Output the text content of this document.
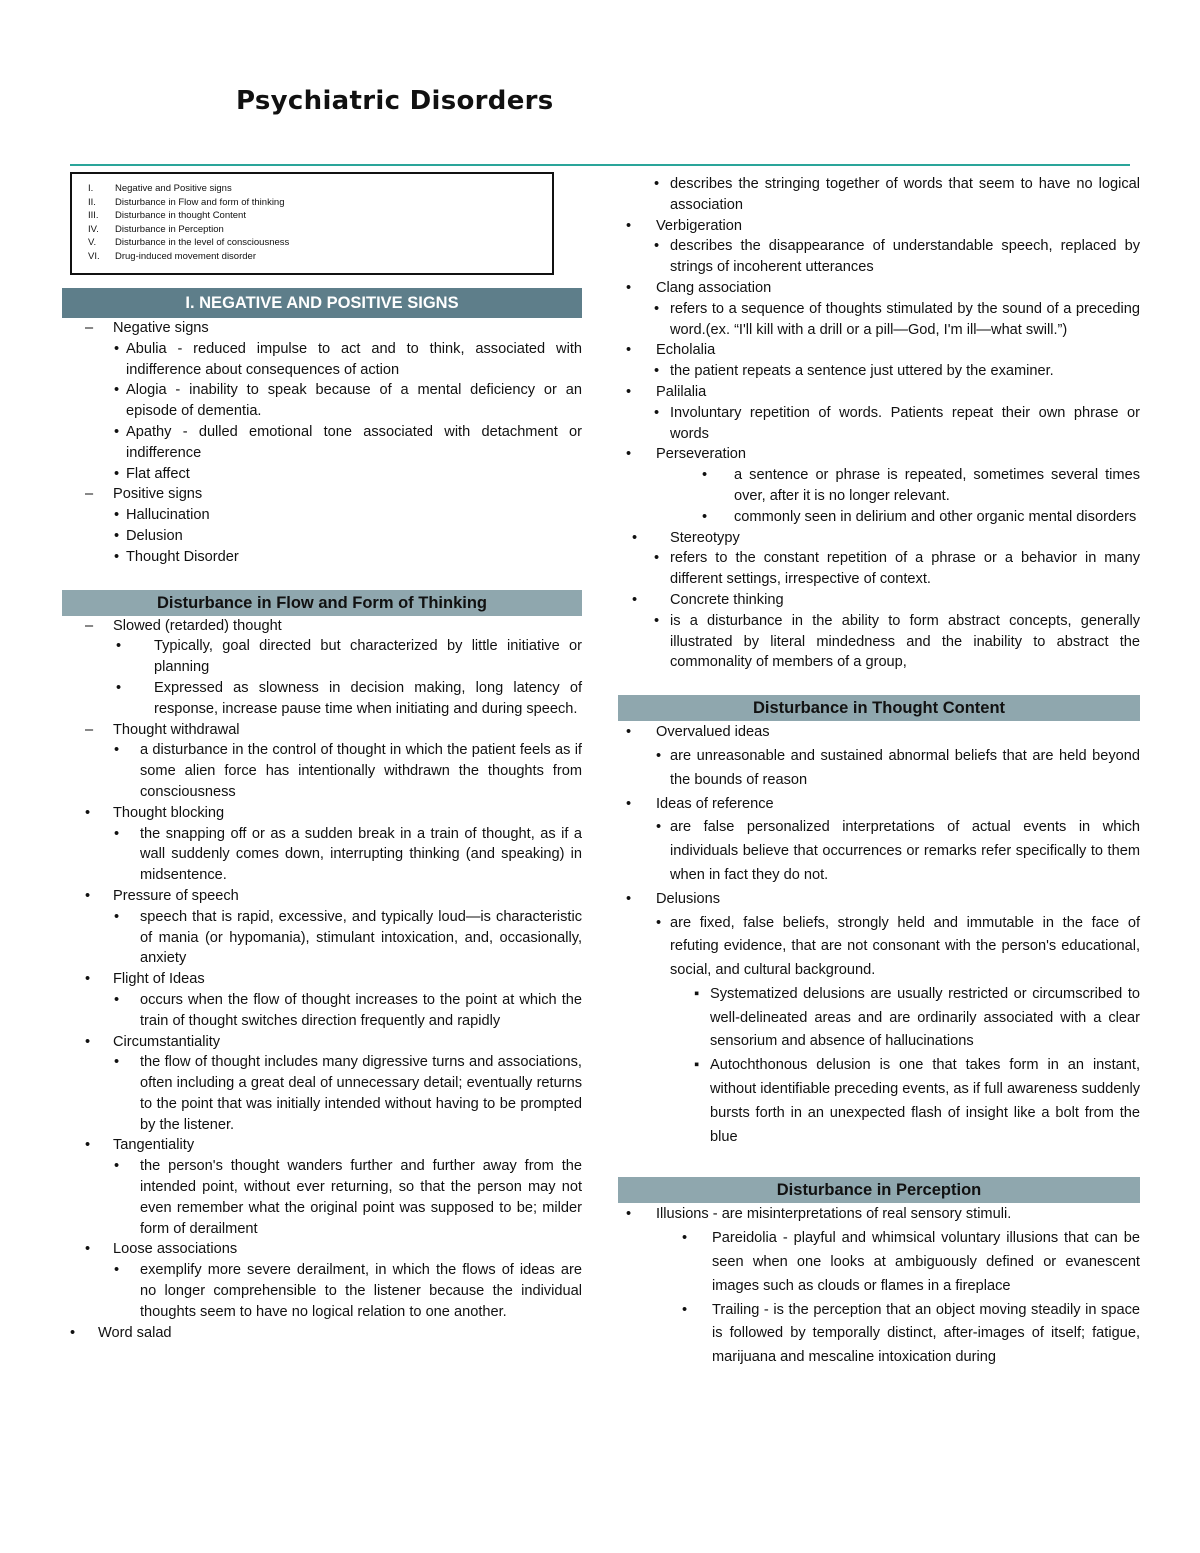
Psychiatric Disorders
I.	Negative and Positive signs
II.	Disturbance in Flow and form of thinking
III.	Disturbance in thought Content
IV.	Disturbance in Perception
V.	Disturbance in the level of consciousness
VI.	Drug-induced movement disorder
I. NEGATIVE AND POSITIVE SIGNS
–	Negative signs
• Abulia - reduced impulse to act and to think, associated with indifference about consequences of action
• Alogia - inability to speak because of a mental deficiency or an episode of dementia.
• Apathy - dulled emotional tone associated with detachment or indifference
• Flat affect
–	Positive signs
• Hallucination
• Delusion
• Thought Disorder
Disturbance in Flow and Form of Thinking
–	Slowed (retarded) thought
•	Typically, goal directed but characterized by little initiative or planning
•	Expressed as slowness in decision making, long latency of response, increase pause time when initiating and during speech.
–	Thought withdrawal
•	a disturbance in the control of thought in which the patient feels as if some alien force has intentionally withdrawn the thoughts from consciousness
•	Thought blocking
•	the snapping off or as a sudden break in a train of thought, as if a wall suddenly comes down, interrupting thinking (and speaking) in midsentence.
•	Pressure of speech
•	speech that is rapid, excessive, and typically loud—is characteristic of mania (or hypomania), stimulant intoxication, and, occasionally, anxiety
•	Flight of Ideas
•	occurs when the flow of thought increases to the point at which the train of thought switches direction frequently and rapidly
•	Circumstantiality
•	the flow of thought includes many digressive turns and associations, often including a great deal of unnecessary detail; eventually returns to the point that was initially intended without having to be prompted by the listener.
•	Tangentiality
•	the person's thought wanders further and further away from the intended point, without ever returning, so that the person may not even remember what the original point was supposed to be; milder form of derailment
•	Loose associations
•	exemplify more severe derailment, in which the flows of ideas are no longer comprehensible to the listener because the individual thoughts seem to have no logical relation to one another.
•	Word salad
• describes the stringing together of words that seem to have no logical association
•	Verbigeration
• describes the disappearance of understandable speech, replaced by strings of incoherent utterances
•	Clang association
• refers to a sequence of thoughts stimulated by the sound of a preceding word.(ex. “I'll kill with a drill or a pill—God, I'm ill—what swill.”)
•	Echolalia
• the patient repeats a sentence just uttered by the examiner.
•	Palilalia
• Involuntary repetition of words. Patients repeat their own phrase or words
•	Perseveration
•	a sentence or phrase is repeated, sometimes several times over, after it is no longer relevant.
•	commonly seen in delirium and other organic mental disorders
•	Stereotypy
• refers to the constant repetition of a phrase or a behavior in many different settings, irrespective of context.
•	Concrete thinking
• is a disturbance in the ability to form abstract concepts, generally illustrated by literal mindedness and the inability to abstract the commonality of members of a group,
Disturbance in Thought Content
•	Overvalued ideas
• are unreasonable and sustained abnormal beliefs that are held beyond the bounds of reason
•	Ideas of reference
• are false personalized interpretations of actual events in which individuals believe that occurrences or remarks refer specifically to them when in fact they do not.
•	Delusions
• are fixed, false beliefs, strongly held and immutable in the face of refuting evidence, that are not consonant with the person's educational, social, and cultural background.
▪ Systematized delusions are usually restricted or circumscribed to well-delineated areas and are ordinarily associated with a clear sensorium and absence of hallucinations
▪ Autochthonous delusion is one that takes form in an instant, without identifiable preceding events, as if full awareness suddenly bursts forth in an unexpected flash of insight like a bolt from the blue
Disturbance in Perception
•	Illusions - are misinterpretations of real sensory stimuli.
•	Pareidolia - playful and whimsical voluntary illusions that can be seen when one looks at ambiguously defined or evanescent images such as clouds or flames in a fireplace
•	Trailing - is the perception that an object moving steadily in space is followed by temporally distinct, after-images of itself; fatigue, marijuana and mescaline intoxication during
